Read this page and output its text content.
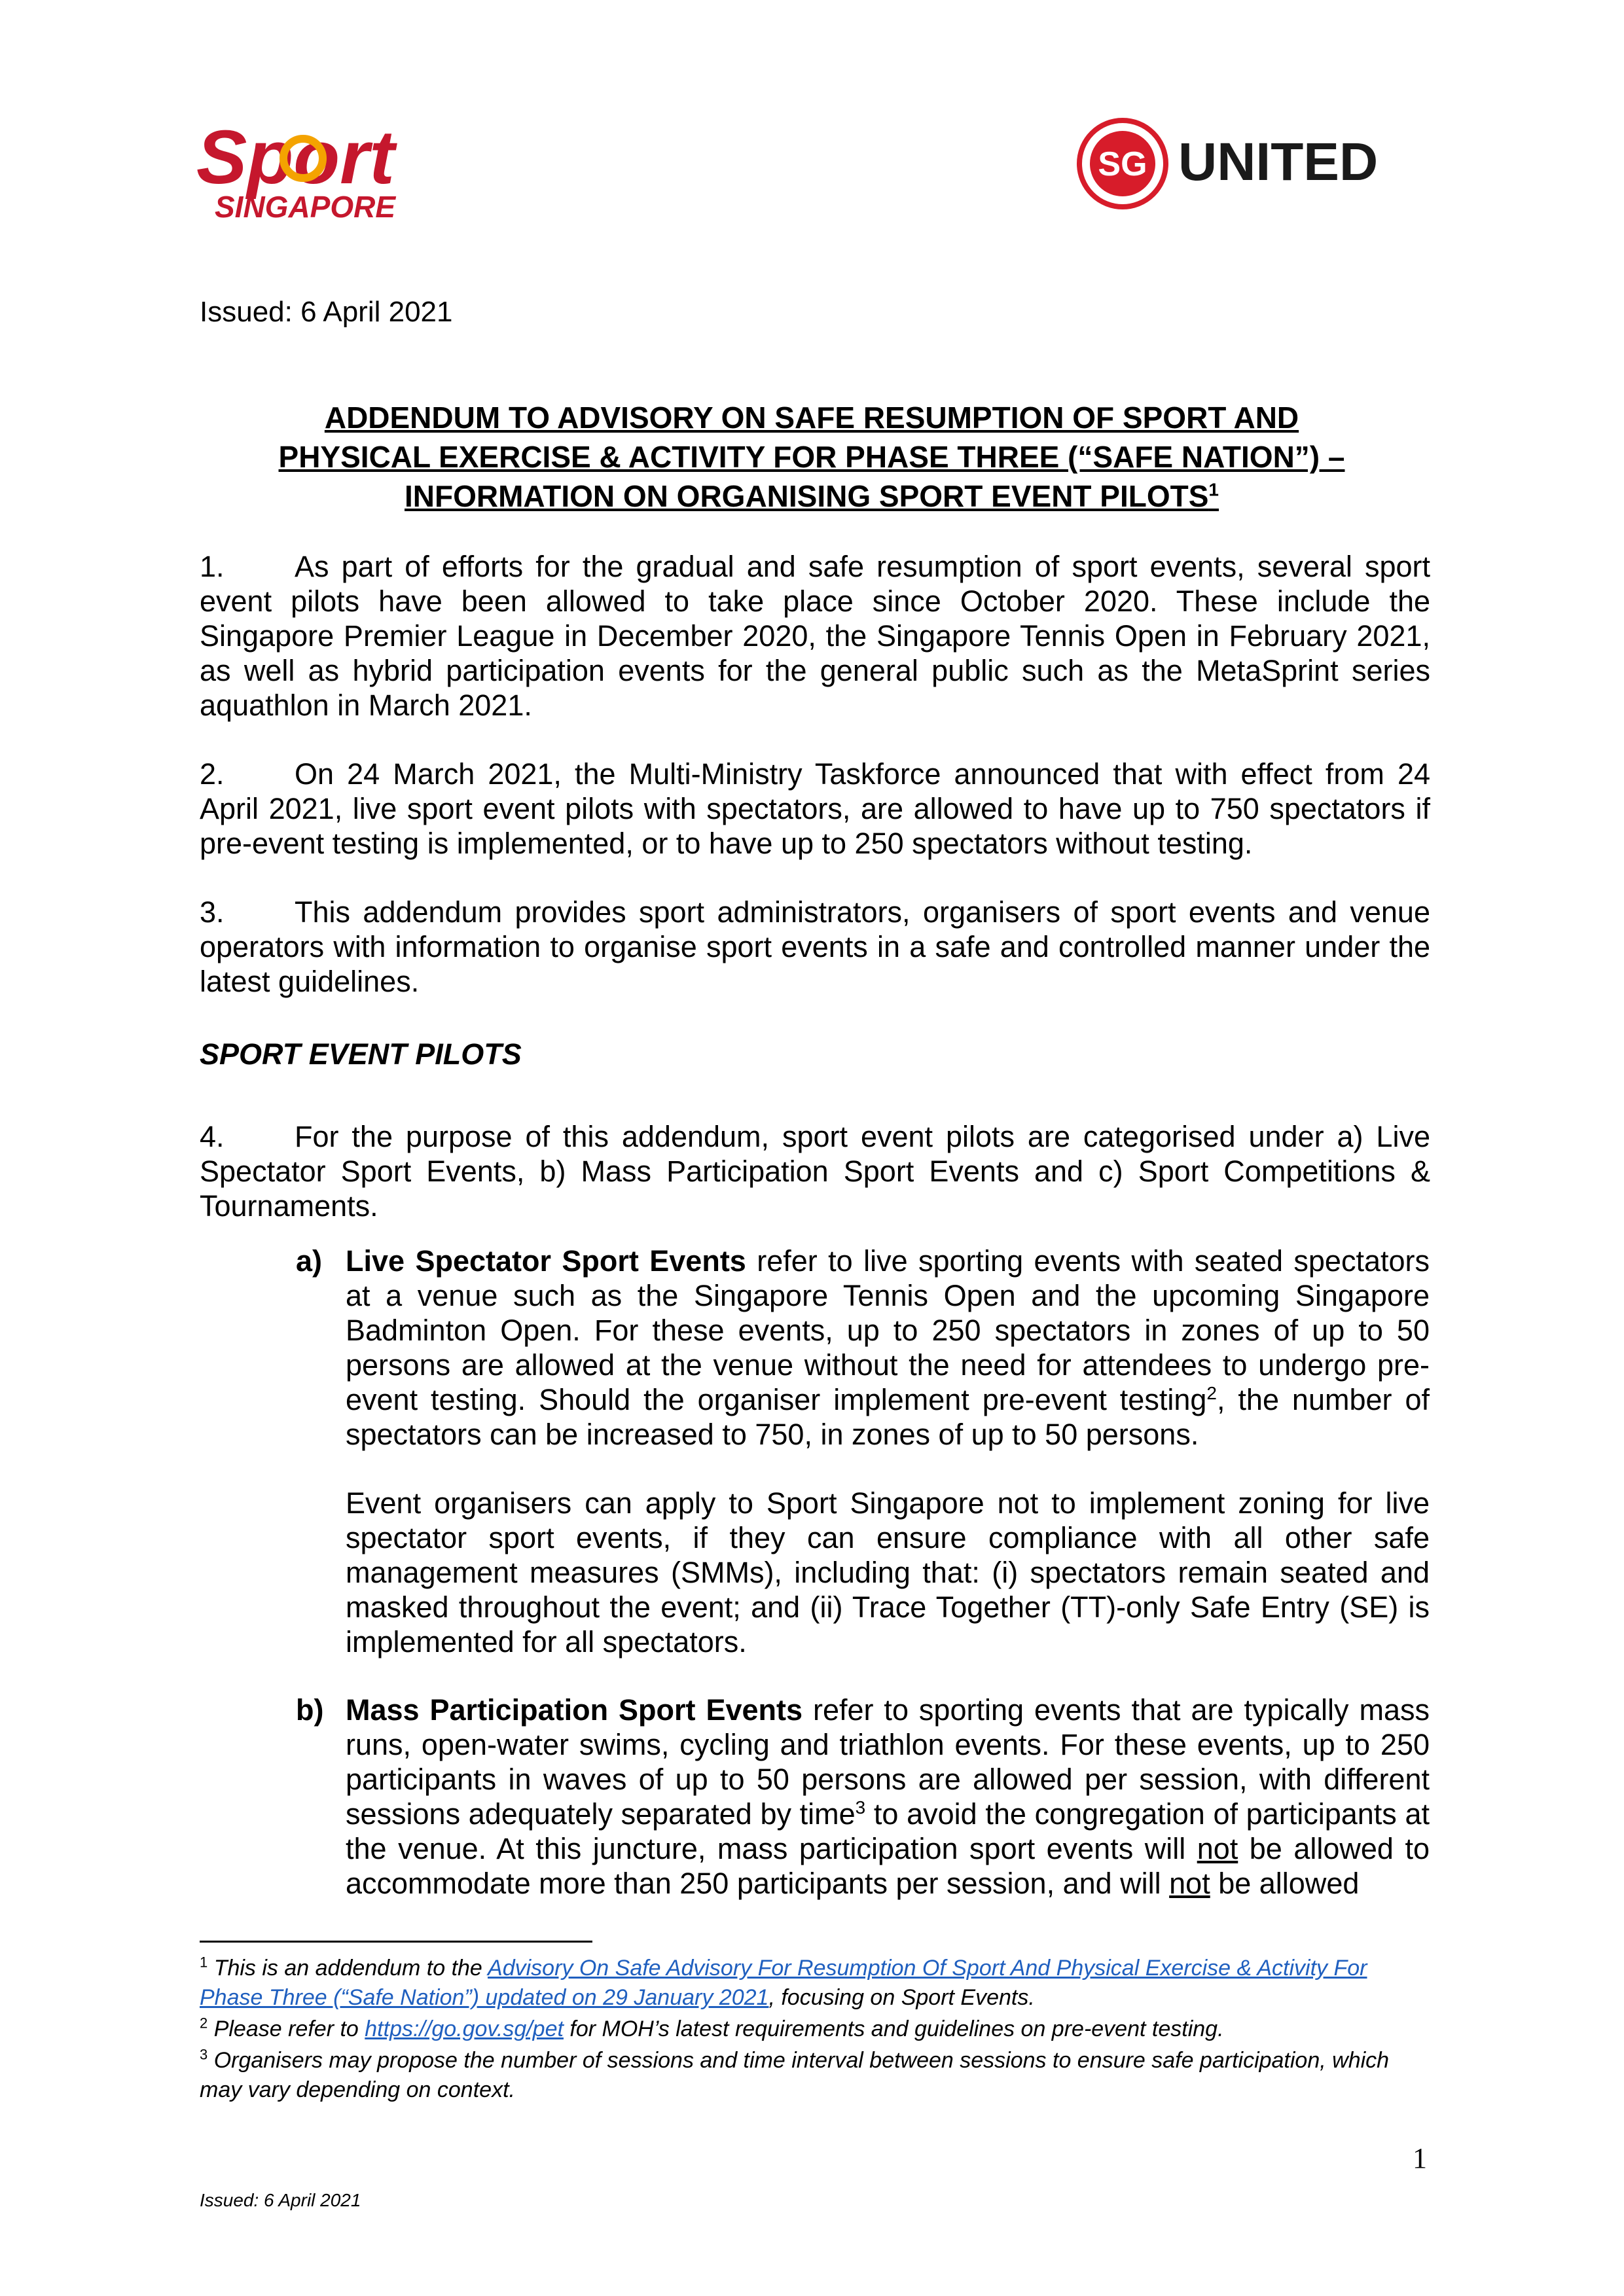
Sport
SINGAPORE
SG UNITED
Issued: 6 April 2021
ADDENDUM TO ADVISORY ON SAFE RESUMPTION OF SPORT AND
PHYSICAL EXERCISE & ACTIVITY FOR PHASE THREE (“SAFE NATION”) –
INFORMATION ON ORGANISING SPORT EVENT PILOTS$^1$
1. As part of efforts for the gradual and safe resumption of sport events, several sport event pilots have been allowed to take place since October 2020. These include the Singapore Premier League in December 2020, the Singapore Tennis Open in February 2021, as well as hybrid participation events for the general public such as the MetaSprint series aquathlon in March 2021.
2. On 24 March 2021, the Multi-Ministry Taskforce announced that with effect from 24 April 2021, live sport event pilots with spectators, are allowed to have up to 750 spectators if pre-event testing is implemented, or to have up to 250 spectators without testing.
3. This addendum provides sport administrators, organisers of sport events and venue operators with information to organise sport events in a safe and controlled manner under the latest guidelines.
SPORT EVENT PILOTS
4. For the purpose of this addendum, sport event pilots are categorised under a) Live Spectator Sport Events, b) Mass Participation Sport Events and c) Sport Competitions & Tournaments.
a) Live Spectator Sport Events refer to live sporting events with seated spectators at a venue such as the Singapore Tennis Open and the upcoming Singapore Badminton Open. For these events, up to 250 spectators in zones of up to 50 persons are allowed at the venue without the need for attendees to undergo pre-event testing. Should the organiser implement pre-event testing$^2$, the number of spectators can be increased to 750, in zones of up to 50 persons.
Event organisers can apply to Sport Singapore not to implement zoning for live spectator sport events, if they can ensure compliance with all other safe management measures (SMMs), including that: (i) spectators remain seated and masked throughout the event; and (ii) Trace Together (TT)-only Safe Entry (SE) is implemented for all spectators.
b) Mass Participation Sport Events refer to sporting events that are typically mass runs, open-water swims, cycling and triathlon events. For these events, up to 250 participants in waves of up to 50 persons are allowed per session, with different sessions adequately separated by time$^3$ to avoid the congregation of participants at the venue. At this juncture, mass participation sport events will not be allowed to accommodate more than 250 participants per session, and will not be allowed
$^1$ This is an addendum to the Advisory On Safe Advisory For Resumption Of Sport And Physical Exercise & Activity For Phase Three (“Safe Nation”) updated on 29 January 2021, focusing on Sport Events.
$^2$ Please refer to https://go.gov.sg/pet for MOH’s latest requirements and guidelines on pre-event testing.
$^3$ Organisers may propose the number of sessions and time interval between sessions to ensure safe participation, which may vary depending on context.
1
Issued: 6 April 2021
